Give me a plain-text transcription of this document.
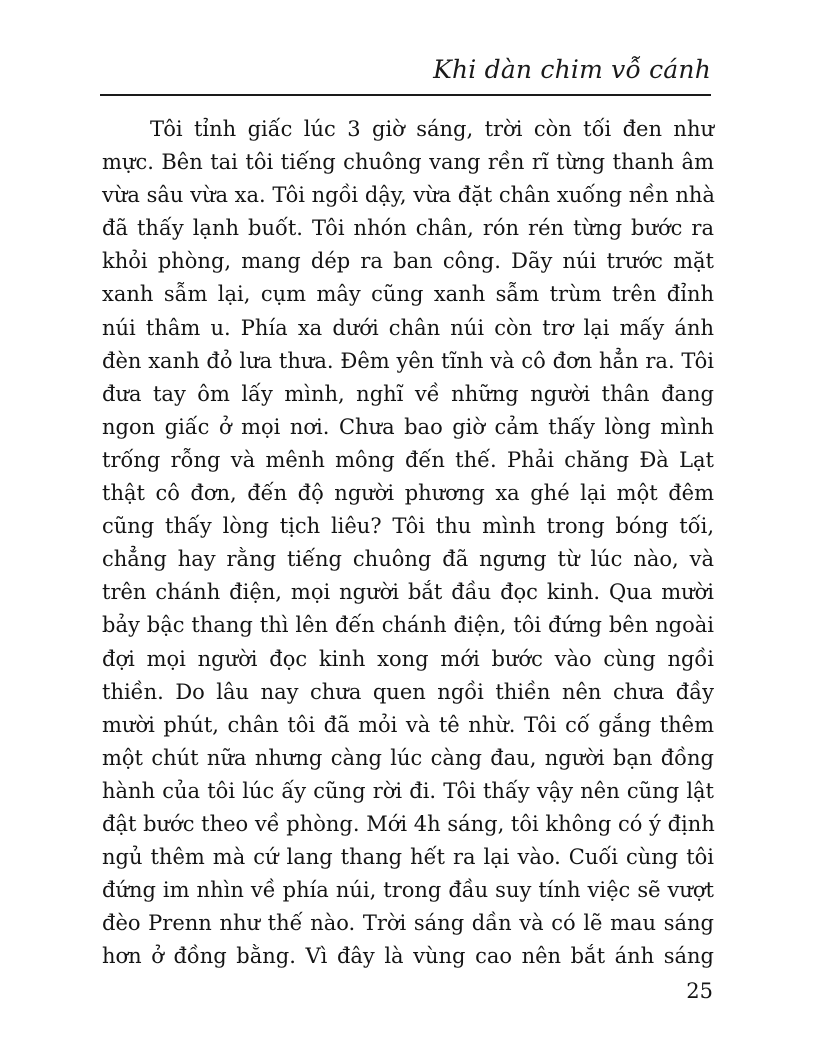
Khi dàn chim vỗ cánh
Tôi tỉnh giấc lúc 3 giờ sáng, trời còn tối đen như
mực. Bên tai tôi tiếng chuông vang rền rĩ từng thanh âm
vừa sâu vừa xa. Tôi ngồi dậy, vừa đặt chân xuống nền nhà
đã thấy lạnh buốt. Tôi nhón chân, rón rén từng bước ra
khỏi phòng, mang dép ra ban công. Dãy núi trước mặt
xanh sẫm lại, cụm mây cũng xanh sẫm trùm trên đỉnh
núi thâm u. Phía xa dưới chân núi còn trơ lại mấy ánh
đèn xanh đỏ lưa thưa. Đêm yên tĩnh và cô đơn hẳn ra. Tôi
đưa tay ôm lấy mình, nghĩ về những người thân đang
ngon giấc ở mọi nơi. Chưa bao giờ cảm thấy lòng mình
trống rỗng và mênh mông đến thế. Phải chăng Đà Lạt
thật cô đơn, đến độ người phương xa ghé lại một đêm
cũng thấy lòng tịch liêu? Tôi thu mình trong bóng tối,
chẳng hay rằng tiếng chuông đã ngưng từ lúc nào, và
trên chánh điện, mọi người bắt đầu đọc kinh. Qua mười
bảy bậc thang thì lên đến chánh điện, tôi đứng bên ngoài
đợi mọi người đọc kinh xong mới bước vào cùng ngồi
thiền. Do lâu nay chưa quen ngồi thiền nên chưa đầy
mười phút, chân tôi đã mỏi và tê nhừ. Tôi cố gắng thêm
một chút nữa nhưng càng lúc càng đau, người bạn đồng
hành của tôi lúc ấy cũng rời đi. Tôi thấy vậy nên cũng lật
đật bước theo về phòng. Mới 4h sáng, tôi không có ý định
ngủ thêm mà cứ lang thang hết ra lại vào. Cuối cùng tôi
đứng im nhìn về phía núi, trong đầu suy tính việc sẽ vượt
đèo Prenn như thế nào. Trời sáng dần và có lẽ mau sáng
hơn ở đồng bằng. Vì đây là vùng cao nên bắt ánh sáng
25
